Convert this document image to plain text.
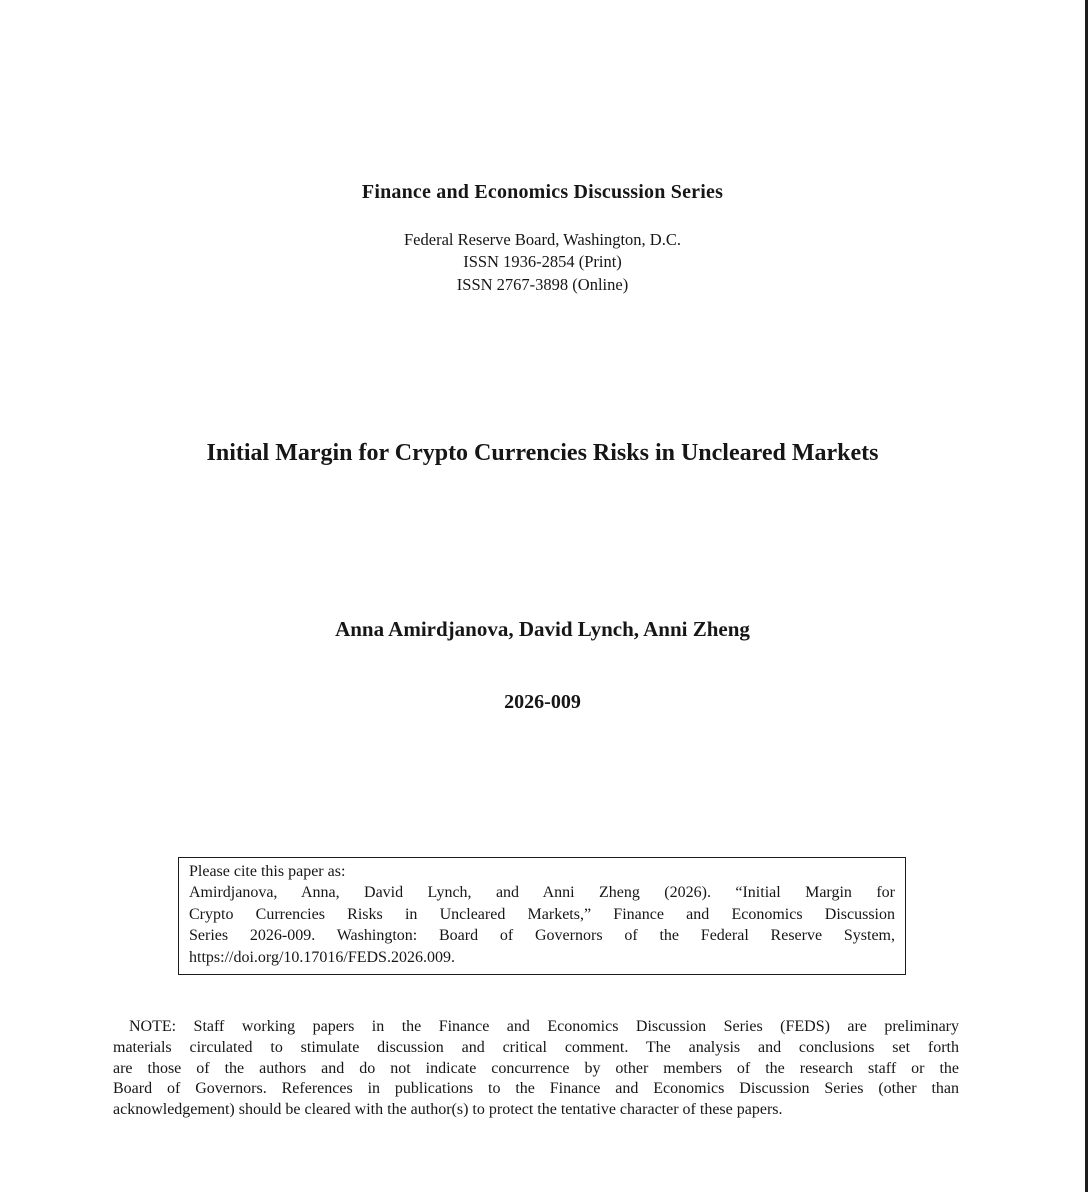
Finance and Economics Discussion Series
Federal Reserve Board, Washington, D.C.
ISSN 1936-2854 (Print)
ISSN 2767-3898 (Online)
Initial Margin for Crypto Currencies Risks in Uncleared Markets
Anna Amirdjanova, David Lynch, Anni Zheng
2026-009
Please cite this paper as:
Amirdjanova, Anna, David Lynch, and Anni Zheng (2026). “Initial Margin for
Crypto Currencies Risks in Uncleared Markets,” Finance and Economics Discussion
Series 2026-009. Washington: Board of Governors of the Federal Reserve System,
https://doi.org/10.17016/FEDS.2026.009.
NOTE: Staff working papers in the Finance and Economics Discussion Series (FEDS) are preliminary
materials circulated to stimulate discussion and critical comment. The analysis and conclusions set forth
are those of the authors and do not indicate concurrence by other members of the research staff or the
Board of Governors. References in publications to the Finance and Economics Discussion Series (other than
acknowledgement) should be cleared with the author(s) to protect the tentative character of these papers.
